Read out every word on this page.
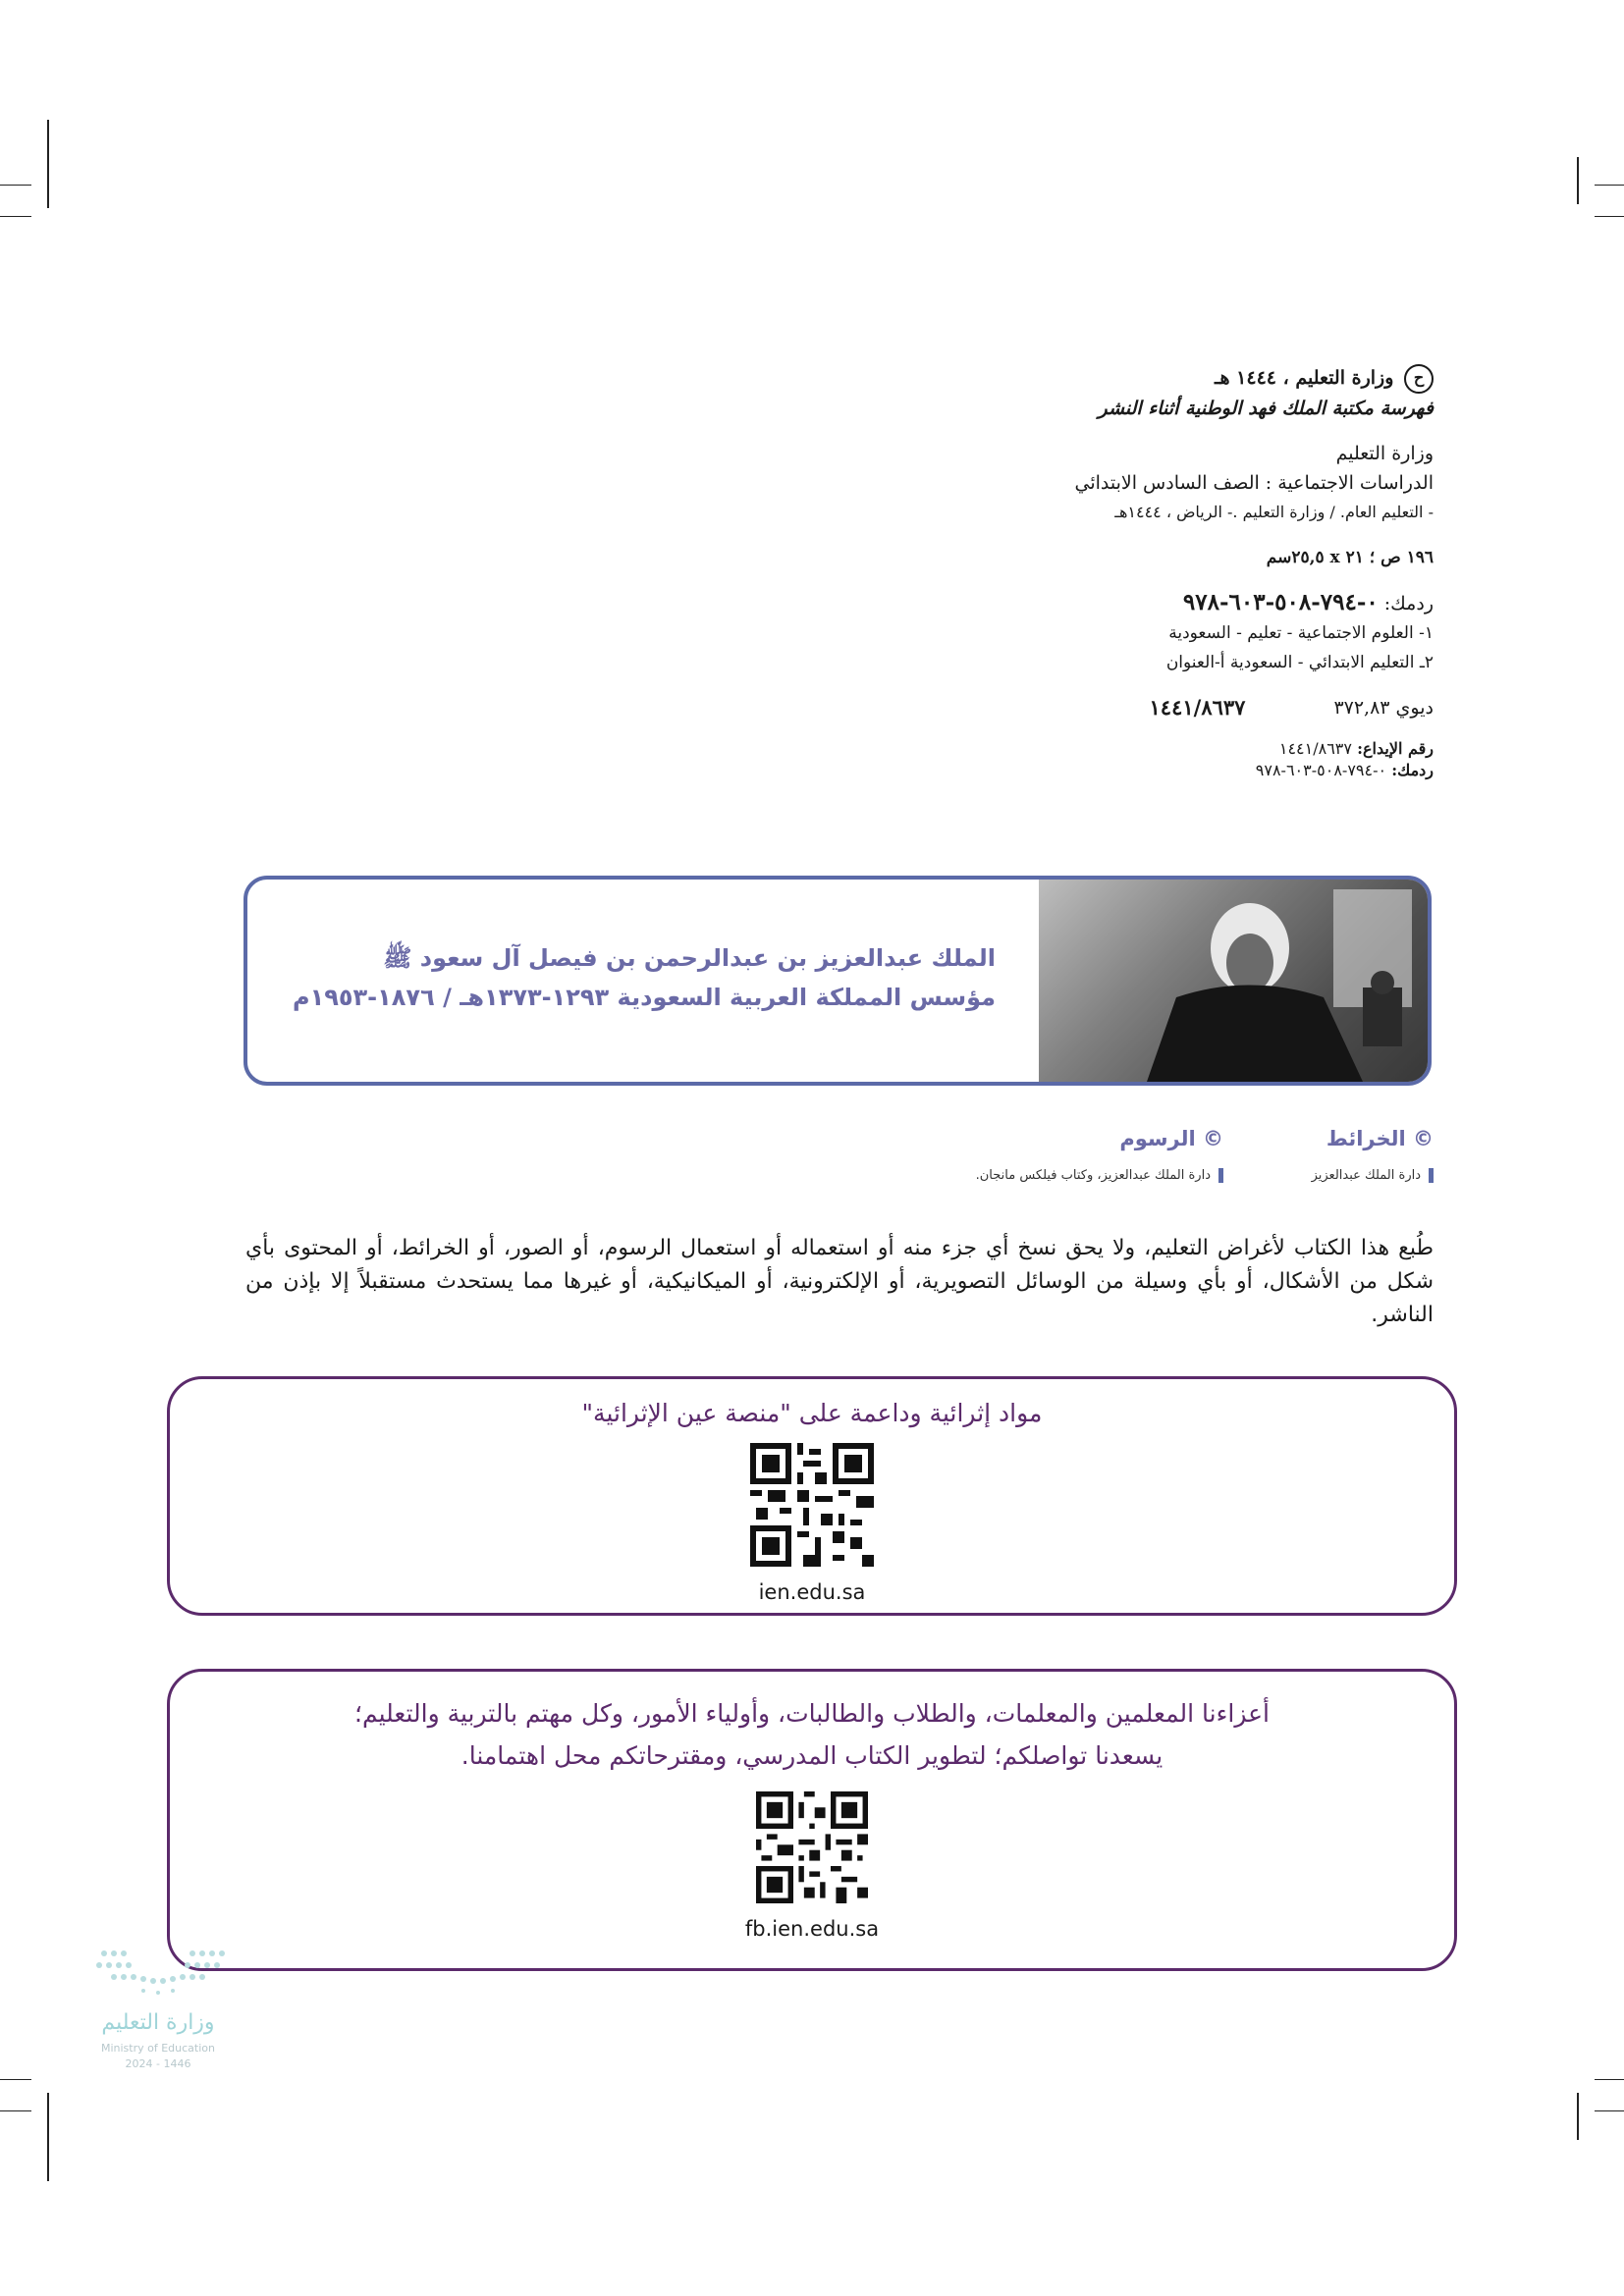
ح وزارة التعليم ، ١٤٤٤ هـ
فهرسة مكتبة الملك فهد الوطنية أثناء النشر
وزارة التعليم
الدراسات الاجتماعية : الصف السادس الابتدائي
- التعليم العام. / وزارة التعليم .- الرياض ، ١٤٤٤هـ
١٩٦ ص ؛ ٢١ x ٢٥,٥سم
ردمك: ٠-٧٩٤-٥٠٨-٦٠٣-٩٧٨
١- العلوم الاجتماعية - تعليم - السعودية
٢ـ التعليم الابتدائي - السعودية أ-العنوان
ديوي ٣٧٢,٨٣
١٤٤١/٨٦٣٧
رقم الإيداع: ١٤٤١/٨٦٣٧
ردمك: ٠-٧٩٤-٥٠٨-٦٠٣-٩٧٨
الملك عبدالعزيز بن عبدالرحمن بن فيصل آل سعود ﷺ
مؤسس المملكة العربية السعودية ١٢٩٣-١٣٧٣هـ / ١٨٧٦-١٩٥٣م
© الخرائط
دارة الملك عبدالعزيز
© الرسوم
دارة الملك عبدالعزيز، وكتاب فيلكس مانجان.
طُبع هذا الكتاب لأغراض التعليم، ولا يحق نسخ أي جزء منه أو استعماله أو استعمال الرسوم، أو الصور، أو الخرائط، أو المحتوى بأي شكل من الأشكال، أو بأي وسيلة من الوسائل التصويرية، أو الإلكترونية، أو الميكانيكية، أو غيرها مما يستحدث مستقبلاً إلا بإذن من الناشر.
مواد إثرائية وداعمة على "منصة عين الإثرائية"
ien.edu.sa
أعزاءنا المعلمين والمعلمات، والطلاب والطالبات، وأولياء الأمور، وكل مهتم بالتربية والتعليم؛
يسعدنا تواصلكم؛ لتطوير الكتاب المدرسي، ومقترحاتكم محل اهتمامنا.
fb.ien.edu.sa
وزارة التعليم
Ministry of Education
2024 - 1446
